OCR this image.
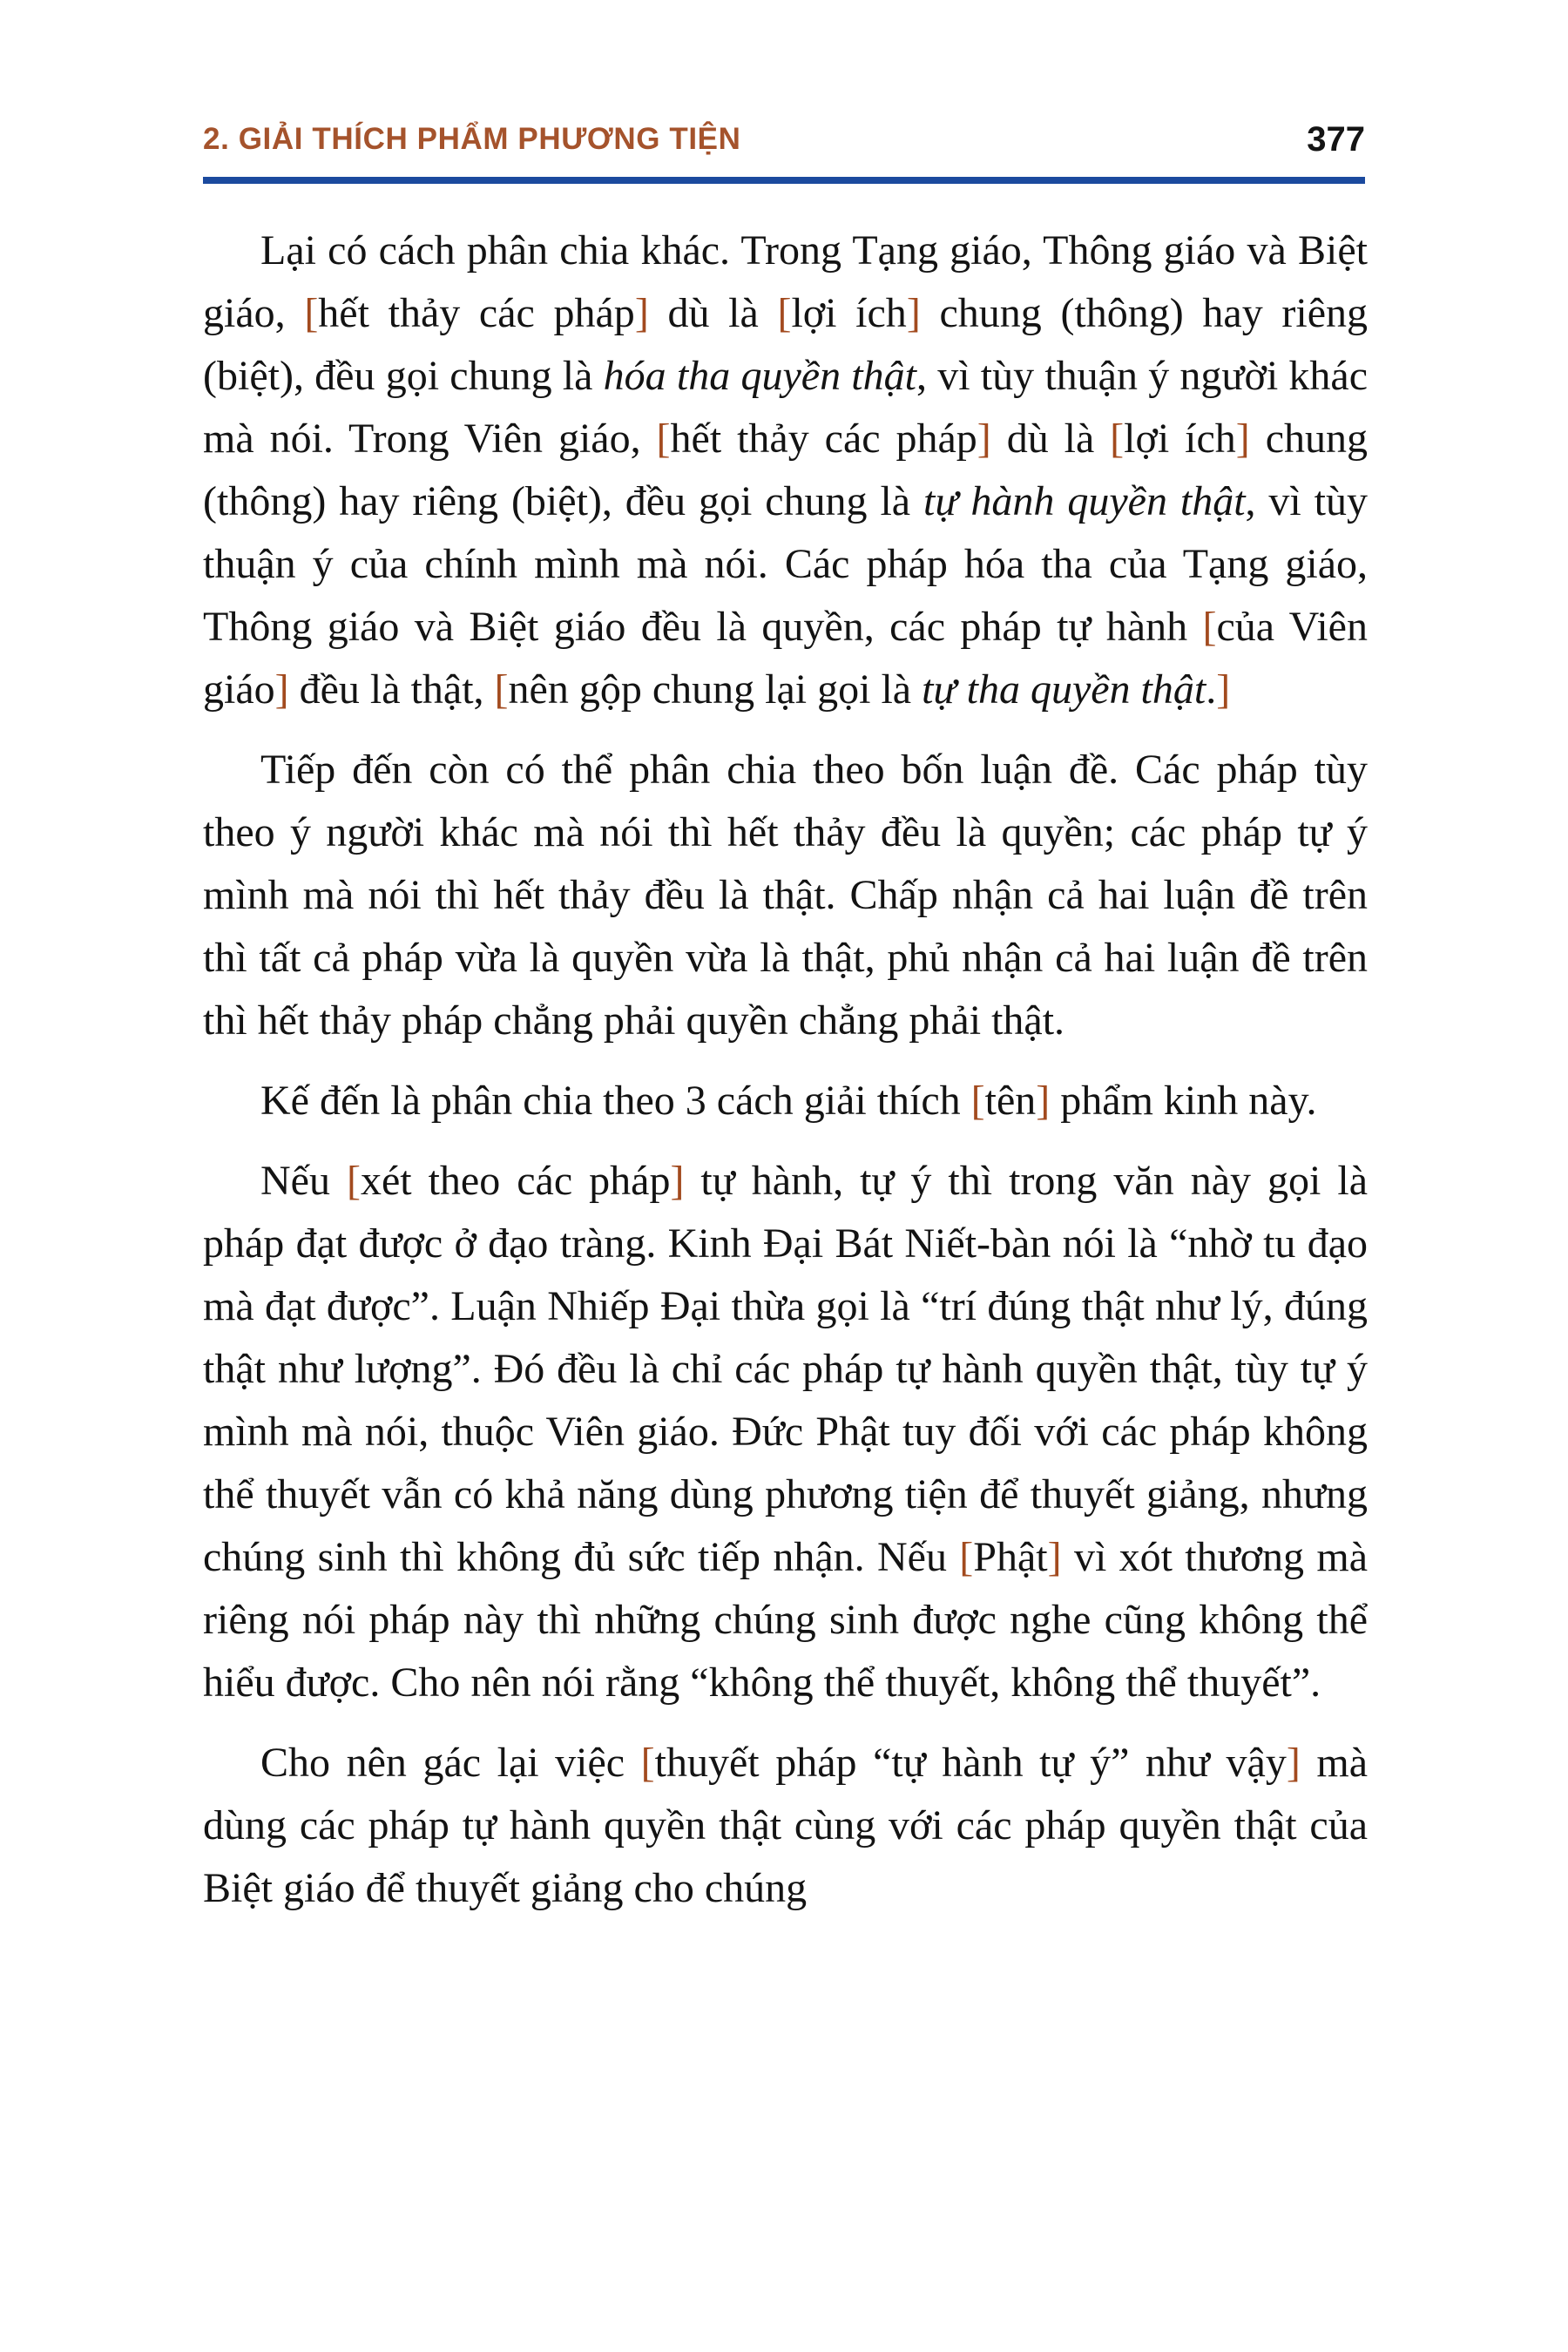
2. GIẢI THÍCH PHẨM PHƯƠNG TIỆN	377

Lại có cách phân chia khác. Trong Tạng giáo, Thông giáo và Biệt giáo, [hết thảy các pháp] dù là [lợi ích] chung (thông) hay riêng (biệt), đều gọi chung là hóa tha quyền thật, vì tùy thuận ý người khác mà nói. Trong Viên giáo, [hết thảy các pháp] dù là [lợi ích] chung (thông) hay riêng (biệt), đều gọi chung là tự hành quyền thật, vì tùy thuận ý của chính mình mà nói. Các pháp hóa tha của Tạng giáo, Thông giáo và Biệt giáo đều là quyền, các pháp tự hành [của Viên giáo] đều là thật, [nên gộp chung lại gọi là tự tha quyền thật.]

Tiếp đến còn có thể phân chia theo bốn luận đề. Các pháp tùy theo ý người khác mà nói thì hết thảy đều là quyền; các pháp tự ý mình mà nói thì hết thảy đều là thật. Chấp nhận cả hai luận đề trên thì tất cả pháp vừa là quyền vừa là thật, phủ nhận cả hai luận đề trên thì hết thảy pháp chẳng phải quyền chẳng phải thật.

Kế đến là phân chia theo 3 cách giải thích [tên] phẩm kinh này.

Nếu [xét theo các pháp] tự hành, tự ý thì trong văn này gọi là pháp đạt được ở đạo tràng. Kinh Đại Bát Niết-bàn nói là “nhờ tu đạo mà đạt được”. Luận Nhiếp Đại thừa gọi là “trí đúng thật như lý, đúng thật như lượng”. Đó đều là chỉ các pháp tự hành quyền thật, tùy tự ý mình mà nói, thuộc Viên giáo. Đức Phật tuy đối với các pháp không thể thuyết vẫn có khả năng dùng phương tiện để thuyết giảng, nhưng chúng sinh thì không đủ sức tiếp nhận. Nếu [Phật] vì xót thương mà riêng nói pháp này thì những chúng sinh được nghe cũng không thể hiểu được. Cho nên nói rằng “không thể thuyết, không thể thuyết”.

Cho nên gác lại việc [thuyết pháp “tự hành tự ý” như vậy] mà dùng các pháp tự hành quyền thật cùng với các pháp quyền thật của Biệt giáo để thuyết giảng cho chúng
